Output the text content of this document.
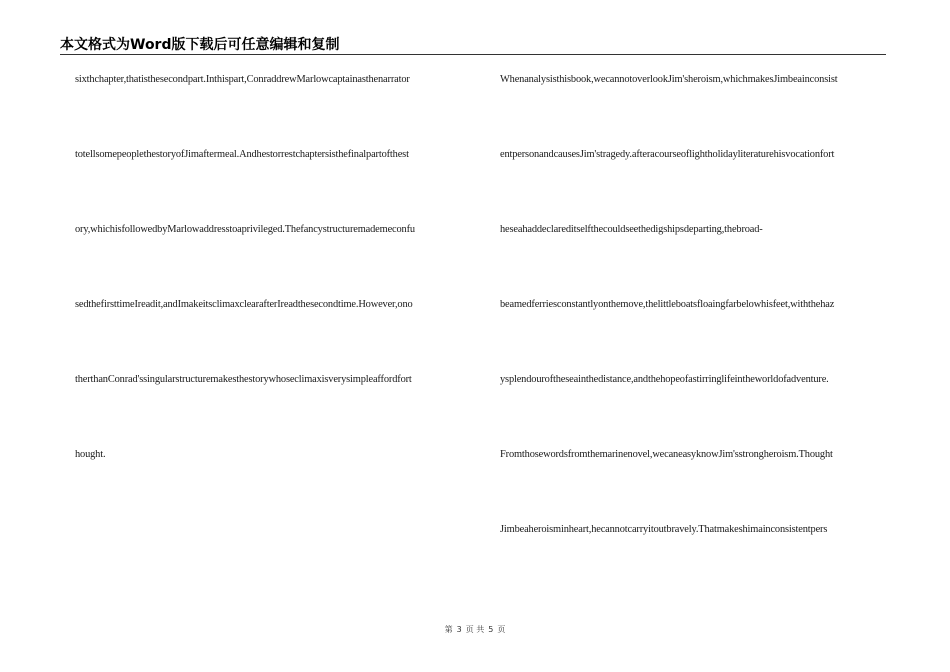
本文格式为Word版下载后可任意编辑和复制
sixthchapter,thatisthesecondpart.Inthispart,ConraddrewMarlowcaptainasthenarrator
totellsomepeoplethestoryofJimaftermeal.Andhestorrestchaptersisthefinalpartofthest
ory,whichisfollowedbyMarlowaddresstoaprivileged.Thefancystructuremademeconfu
sedthefirsttimeIreadit,andImakeitsclimaxclearafterIreadthesecondtime.However,ono
therthanConrad'ssingularstructuremakesthestorywhoseclimaxisverysimpleaffordfort
hought.
Whenanalysisthisbook,wecannotoverlookJim'sheroism,whichmakesJimbeainconsist
entpersonandcausesJim'stragedy.afteracourseoflightholidayliteraturehisvocationfort
heseahaddeclareditselfthecouldseethedigshipsdeparting,thebroad-
beamedferriesconstantlyonthemove,thelittleboatsfloaingfarbelowhisfeet,withthehaz
ysplendouroftheseainthedistance,andthehopeofastirringlifeintheworldofadventure.
Fromthosewordsfromthemarinenovel,wecaneasyknowJim'sstrongheroism.Thought
Jimbeaheroisminheart,hecannotcarryitoutbravely.Thatmakeshimainconsistentpers
第 3 页 共 5 页
